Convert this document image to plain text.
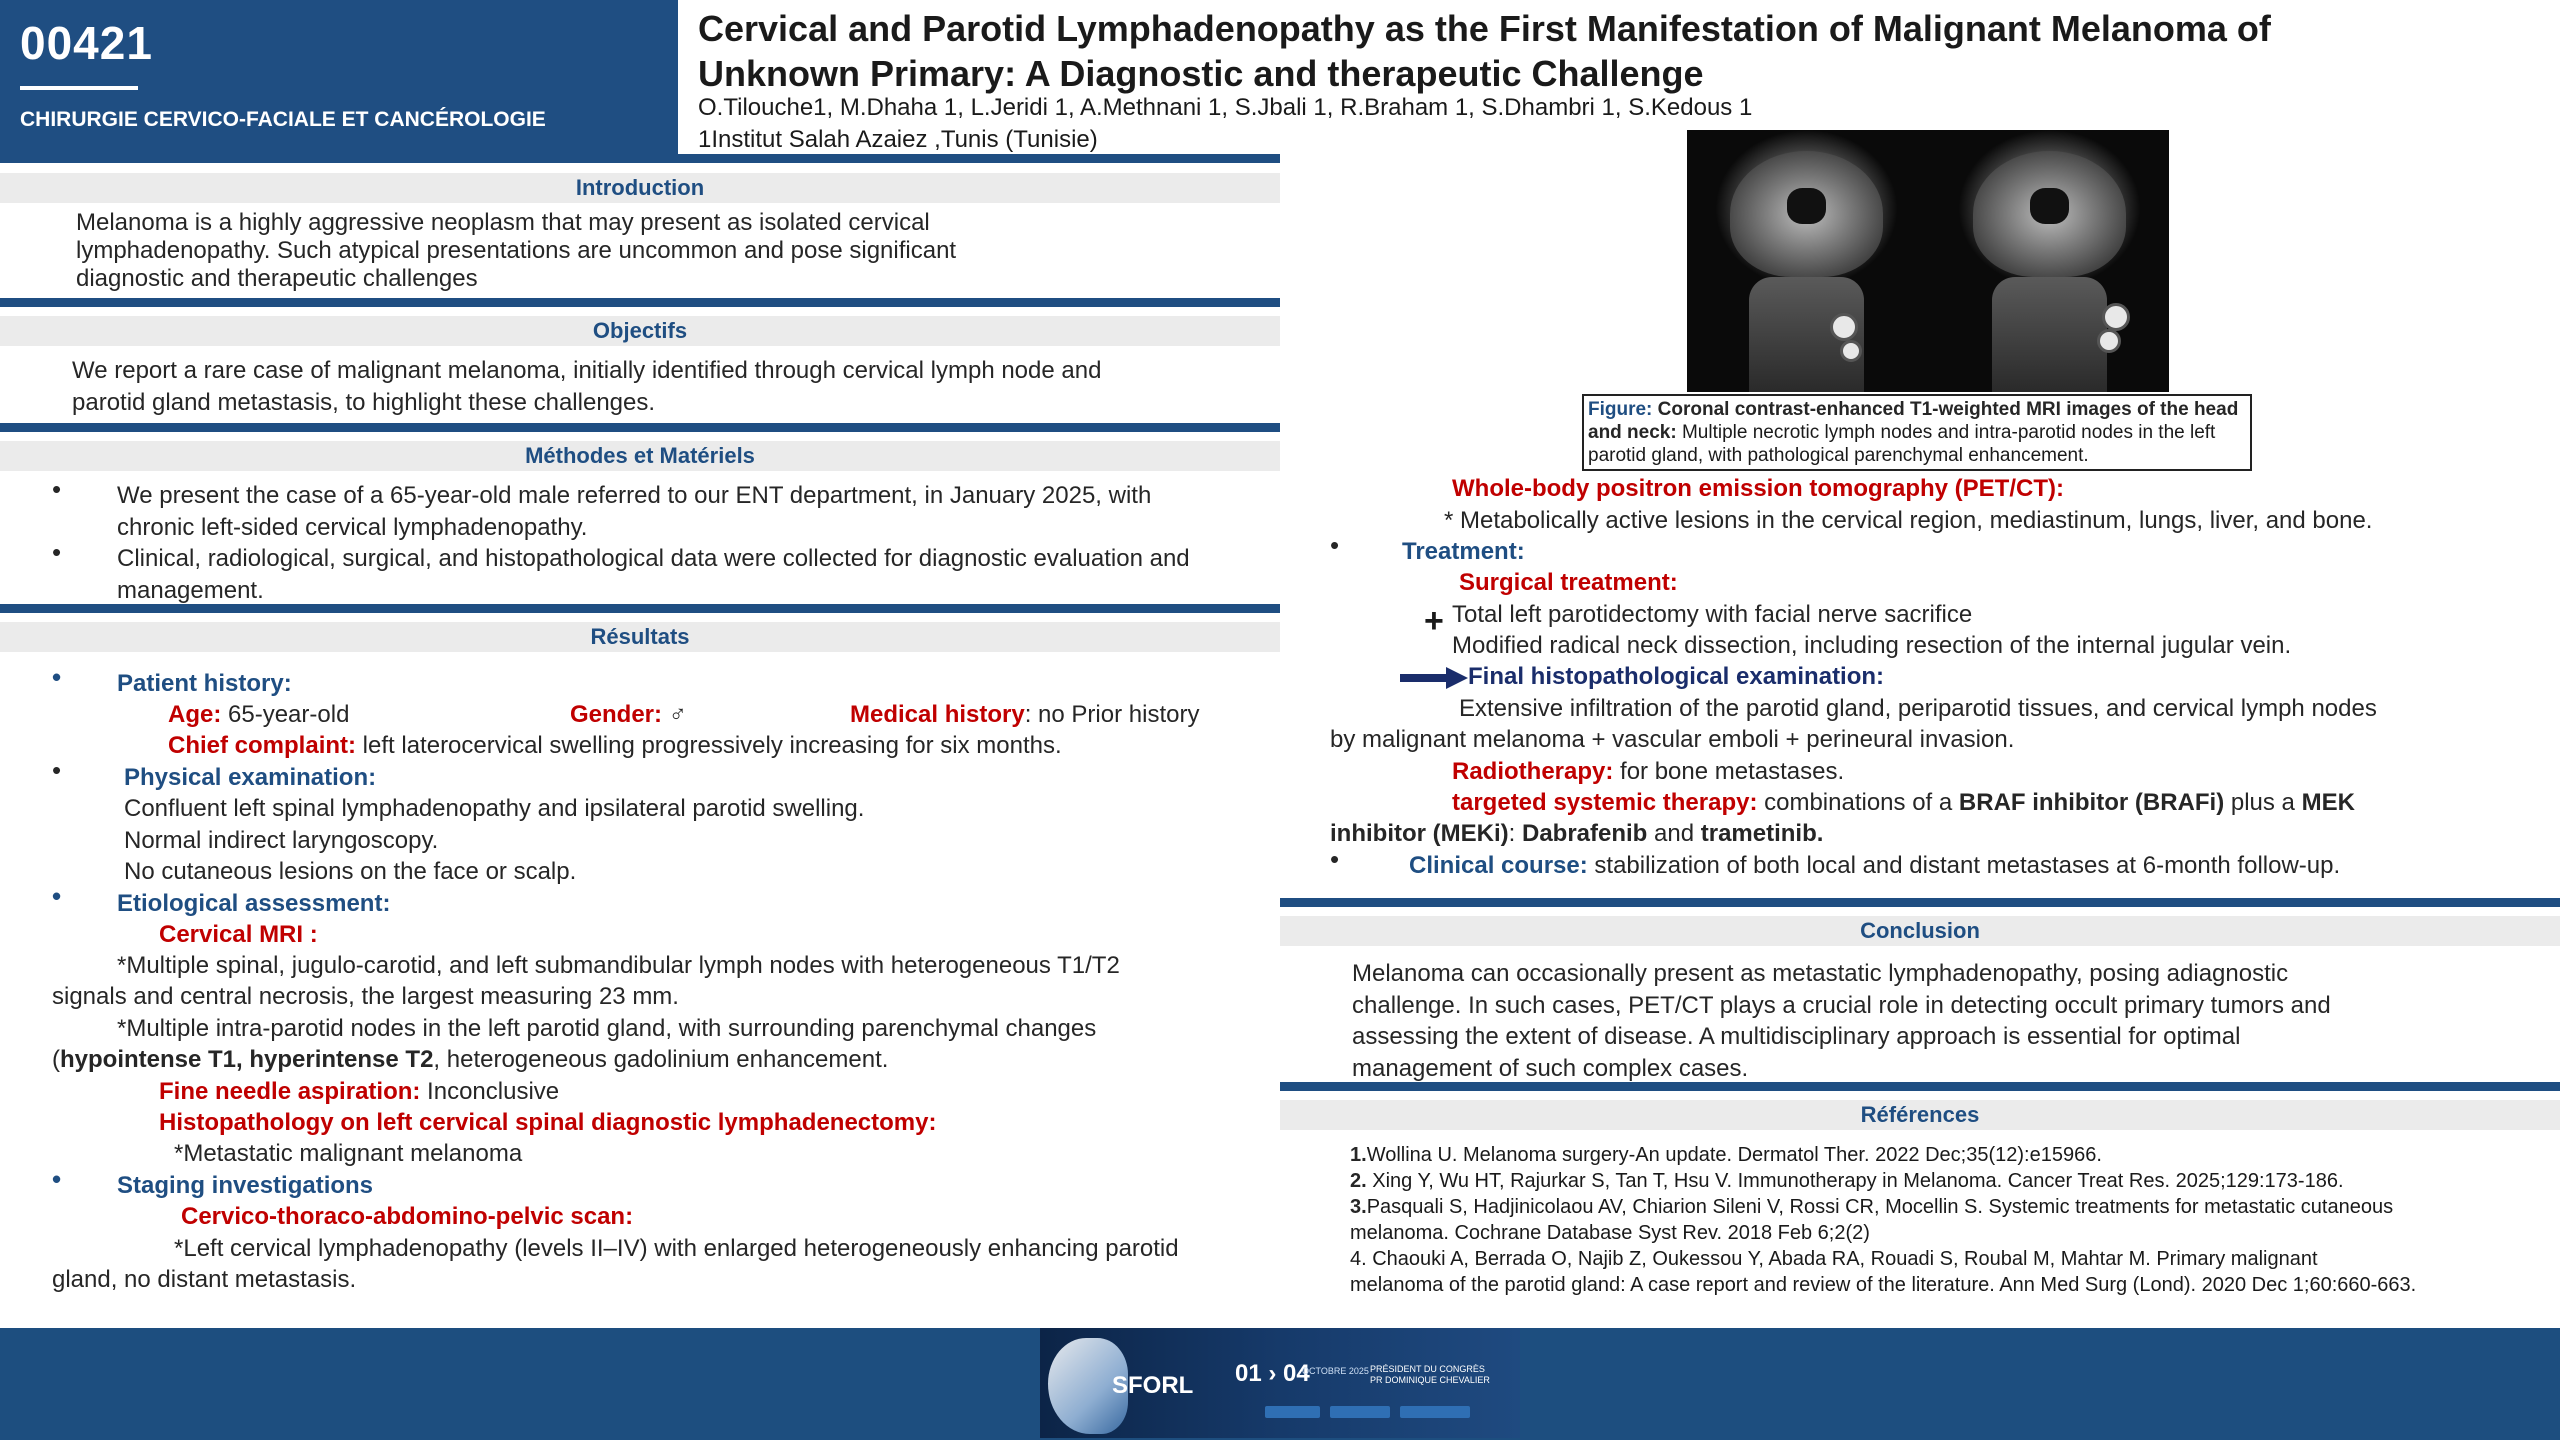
00421
CHIRURGIE CERVICO-FACIALE ET CANCÉROLOGIE
Cervical and Parotid Lymphadenopathy as the First Manifestation of Malignant Melanoma of
Unknown Primary: A Diagnostic and therapeutic Challenge
O.Tilouche1, M.Dhaha 1, L.Jeridi 1, A.Methnani 1, S.Jbali 1, R.Braham 1, S.Dhambri 1, S.Kedous 1
1Institut Salah Azaiez ,Tunis (Tunisie)
Introduction
Melanoma is a highly aggressive neoplasm that may present as isolated cervical
lymphadenopathy. Such atypical presentations are uncommon and pose significant
diagnostic and therapeutic challenges
Objectifs
We report a rare case of malignant melanoma, initially identified through cervical lymph node and
parotid gland metastasis, to highlight these challenges.
Méthodes et Matériels
• We present the case of a 65-year-old male referred to our ENT department, in January 2025, with
chronic left-sided cervical lymphadenopathy.
• Clinical, radiological, surgical, and histopathological data were collected for diagnostic evaluation and
management.
Résultats
• Patient history:
Age: 65-year-old	Gender: ♂	Medical history: no Prior history
Chief complaint: left laterocervical swelling progressively increasing for six months.
•	Physical examination:
Confluent left spinal lymphadenopathy and ipsilateral parotid swelling.
Normal indirect laryngoscopy.
No cutaneous lesions on the face or scalp.
• Etiological assessment:
Cervical MRI :
*Multiple spinal, jugulo-carotid, and left submandibular lymph nodes with heterogeneous T1/T2
signals and central necrosis, the largest measuring 23 mm.
*Multiple intra-parotid nodes in the left parotid gland, with surrounding parenchymal changes
(hypointense T1, hyperintense T2, heterogeneous gadolinium enhancement.
Fine needle aspiration: Inconclusive
Histopathology on left cervical spinal diagnostic lymphadenectomy:
*Metastatic malignant melanoma
• Staging investigations
Cervico-thoraco-abdomino-pelvic scan:
*Left cervical lymphadenopathy (levels II–IV) with enlarged heterogeneously enhancing parotid
gland, no distant metastasis.
Figure: Coronal contrast-enhanced T1-weighted MRI images of the head and neck: Multiple necrotic lymph nodes and intra-parotid nodes in the left parotid gland, with pathological parenchymal enhancement.
Whole-body positron emission tomography (PET/CT):
* Metabolically active lesions in the cervical region, mediastinum, lungs, liver, and bone.
•	Treatment:
Surgical treatment:
+ Total left parotidectomy with facial nerve sacrifice
Modified radical neck dissection, including resection of the internal jugular vein.
Final histopathological examination:
Extensive infiltration of the parotid gland, periparotid tissues, and cervical lymph nodes
by malignant melanoma + vascular emboli + perineural invasion.
Radiotherapy: for bone metastases.
targeted systemic therapy: combinations of a BRAF inhibitor (BRAFi) plus a MEK
inhibitor (MEKi): Dabrafenib and trametinib.
•	Clinical course: stabilization of both local and distant metastases at 6-month follow-up.
Conclusion
Melanoma can occasionally present as metastatic lymphadenopathy, posing adiagnostic
challenge. In such cases, PET/CT plays a crucial role in detecting occult primary tumors and
assessing the extent of disease. A multidisciplinary approach is essential for optimal
management of such complex cases.
Références
1.Wollina U. Melanoma surgery-An update. Dermatol Ther. 2022 Dec;35(12):e15966.
2. Xing Y, Wu HT, Rajurkar S, Tan T, Hsu V. Immunotherapy in Melanoma. Cancer Treat Res. 2025;129:173-186.
3.Pasquali S, Hadjinicolaou AV, Chiarion Sileni V, Rossi CR, Mocellin S. Systemic treatments for metastatic cutaneous
melanoma. Cochrane Database Syst Rev. 2018 Feb 6;2(2)
4. Chaouki A, Berrada O, Najib Z, Oukessou Y, Abada RA, Rouadi S, Roubal M, Mahtar M. Primary malignant
melanoma of the parotid gland: A case report and review of the literature. Ann Med Surg (Lond). 2020 Dec 1;60:660-663.
SFORL 01 › 04
OCTOBRE 2025 PRÉSIDENT DU CONGRÈS PR DOMINIQUE CHEVALIER
